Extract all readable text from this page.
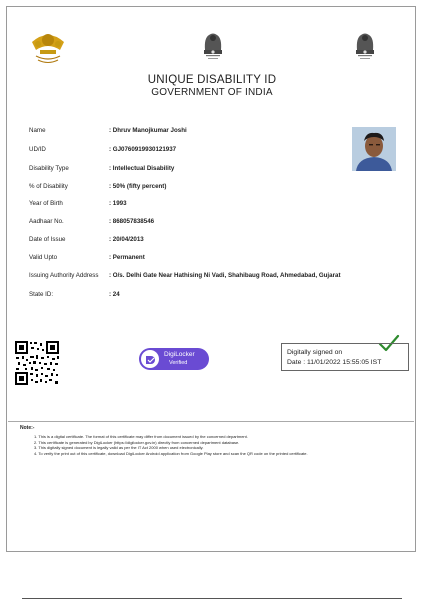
UNIQUE DISABILITY ID
GOVERNMENT OF INDIA
Name	: Dhruv Manojkumar Joshi
UD/ID	: GJ0760919930121937
Disability Type	: Intellectual Disability
% of Disability	: 50% (fifty percent)
Year of Birth	: 1993
Aadhaar No.	: 868057838546
Date of Issue	: 20/04/2013
Valid Upto	: Permanent
Issuing Authority Address	: O/s. Delhi Gate Near Hathising Ni Vadi, Shahibaug Road, Ahmedabad, Gujarat
State ID:	: 24
DigiLocker
Verified
Digitally signed on
Date : 11/01/2022 15:55:05 IST
Note:-
1. This is a digital certificate. The format of this certificate may differ from document issued by the concerned department.
2. This certificate is generated by DigiLocker (https://digilocker.gov.in) directly from concerned department database.
3. This digitally signed document is legally valid as per the IT Act 2000 when used electronically.
4. To verify the print out of this certificate, download DigiLocker Android application from Google Play store and scan the QR code on the printed certificate.
